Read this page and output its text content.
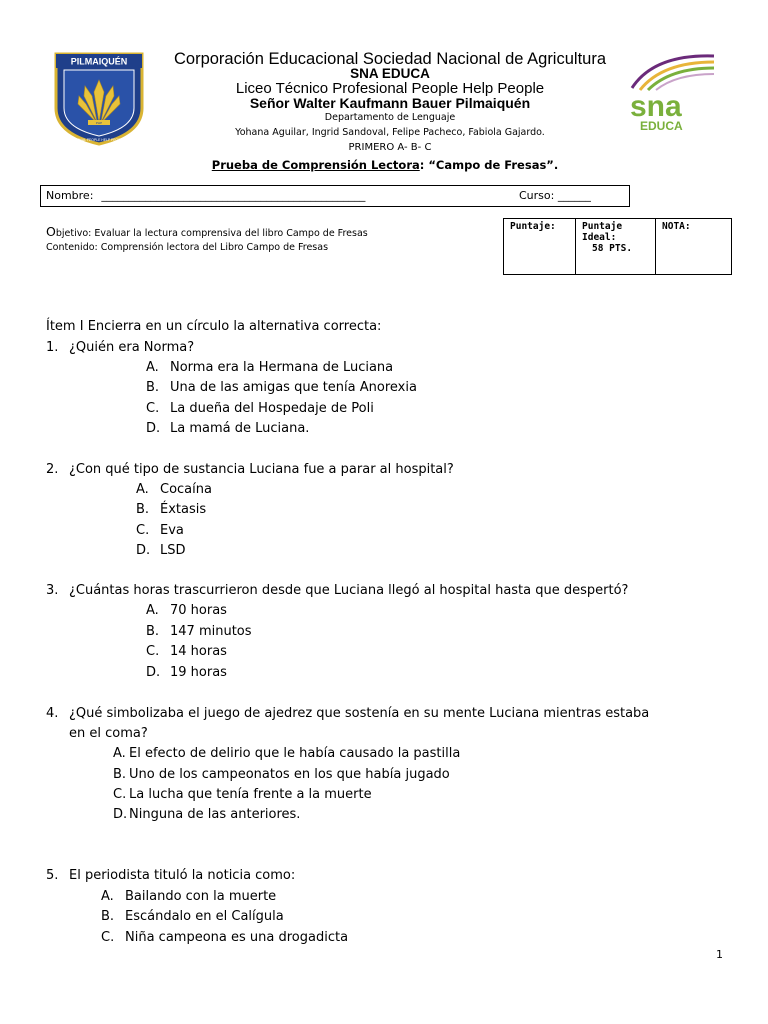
PHP
PILMAIQUÉN
LICEO TECNICO PROFESIONAL PEOPLE HELP PEOPLE WALTER KAUFMANN B.
sna
EDUCA
Corporación Educacional Sociedad Nacional de Agricultura
SNA EDUCA
Liceo Técnico Profesional People Help People
Señor Walter Kaufmann Bauer Pilmaiquén
Departamento de Lenguaje
Yohana Aguilar, Ingrid Sandoval, Felipe Pacheco, Fabiola Gajardo.
PRIMERO A- B- C
Prueba de Comprensión Lectora: “Campo de Fresas”.
Nombre: ________________________________________________	Curso: ______
Objetivo: Evaluar la lectura comprensiva del libro Campo de Fresas
Contenido: Comprensión lectora del Libro Campo de Fresas
Puntaje:	Puntaje
Ideal:
58 PTS.
	NOTA:
Ítem I Encierra en un círculo la alternativa correcta:
1. ¿Quién era Norma?
A. Norma era la Hermana de Luciana
B. Una de las amigas que tenía Anorexia
C. La dueña del Hospedaje de Poli
D. La mamá de Luciana.
2. ¿Con qué tipo de sustancia Luciana fue a parar al hospital?
A. Cocaína
B. Éxtasis
C. Eva
D. LSD
3. ¿Cuántas horas trascurrieron desde que Luciana llegó al hospital hasta que despertó?
A. 70 horas
B. 147 minutos
C. 14 horas
D. 19 horas
4. ¿Qué simbolizaba el juego de ajedrez que sostenía en su mente Luciana mientras estaba
en el coma?
A. El efecto de delirio que le había causado la pastilla
B. Uno de los campeonatos en los que había jugado
C. La lucha que tenía frente a la muerte
D. Ninguna de las anteriores.
5. El periodista tituló la noticia como:
A. Bailando con la muerte
B. Escándalo en el Calígula
C. Niña campeona es una drogadicta
1
